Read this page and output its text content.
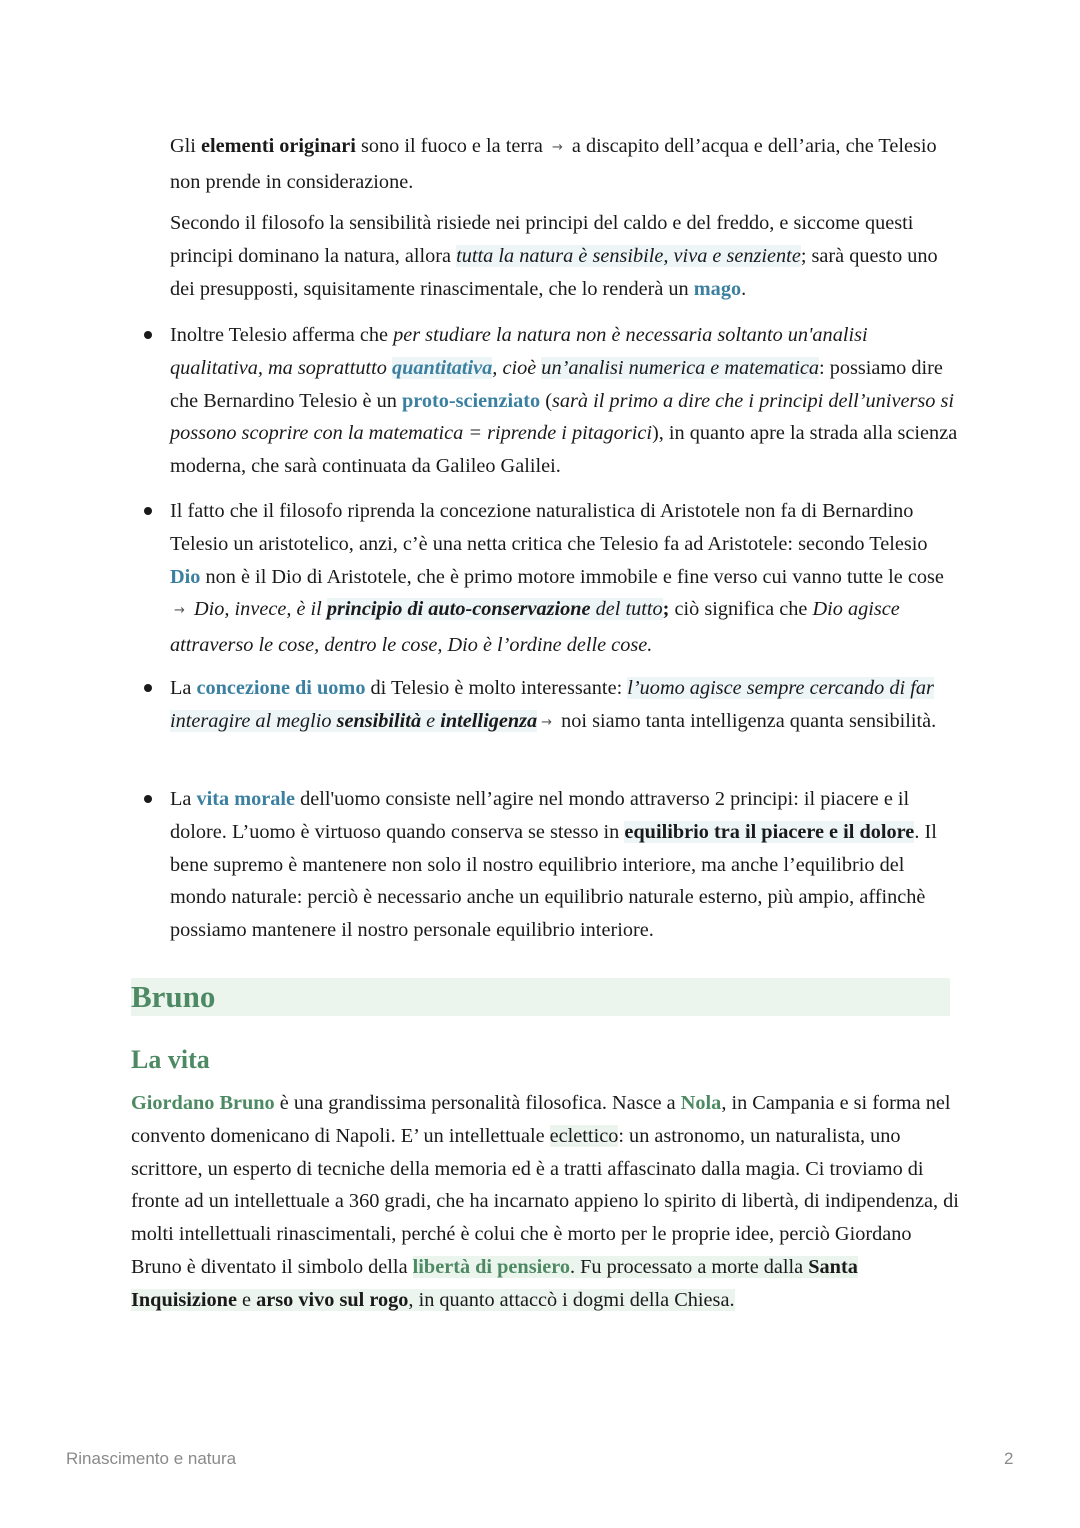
Gli elementi originari sono il fuoco e la terra → a discapito dell’acqua e dell’aria, che Telesio non prende in considerazione.

Secondo il filosofo la sensibilità risiede nei principi del caldo e del freddo, e siccome questi principi dominano la natura, allora tutta la natura è sensibile, viva e senziente; sarà questo uno dei presupposti, squisitamente rinascimentale, che lo renderà un mago.

Inoltre Telesio afferma che per studiare la natura non è necessaria soltanto un'analisi qualitativa, ma soprattutto quantitativa, cioè un’analisi numerica e matematica: possiamo dire che Bernardino Telesio è un proto-scienziato (sarà il primo a dire che i principi dell’universo si possono scoprire con la matematica = riprende i pitagorici), in quanto apre la strada alla scienza moderna, che sarà continuata da Galileo Galilei.

Il fatto che il filosofo riprenda la concezione naturalistica di Aristotele non fa di Bernardino Telesio un aristotelico, anzi, c’è una netta critica che Telesio fa ad Aristotele: secondo Telesio Dio non è il Dio di Aristotele, che è primo motore immobile e fine verso cui vanno tutte le cose → Dio, invece, è il principio di auto-conservazione del tutto; ciò significa che Dio agisce attraverso le cose, dentro le cose, Dio è l’ordine delle cose.

La concezione di uomo di Telesio è molto interessante: l’uomo agisce sempre cercando di far interagire al meglio sensibilità e intelligenza → noi siamo tanta intelligenza quanta sensibilità.

La vita morale dell'uomo consiste nell’agire nel mondo attraverso 2 principi: il piacere e il dolore. L’uomo è virtuoso quando conserva se stesso in equilibrio tra il piacere e il dolore. Il bene supremo è mantenere non solo il nostro equilibrio interiore, ma anche l’equilibrio del mondo naturale: perciò è necessario anche un equilibrio naturale esterno, più ampio, affinchè possiamo mantenere il nostro personale equilibrio interiore.

Bruno
La vita

Giordano Bruno è una grandissima personalità filosofica. Nasce a Nola, in Campania e si forma nel convento domenicano di Napoli. E’ un intellettuale eclettico: un astronomo, un naturalista, uno scrittore, un esperto di tecniche della memoria ed è a tratti affascinato dalla magia. Ci troviamo di fronte ad un intellettuale a 360 gradi, che ha incarnato appieno lo spirito di libertà, di indipendenza, di molti intellettuali rinascimentali, perché è colui che è morto per le proprie idee, perciò Giordano Bruno è diventato il simbolo della libertà di pensiero. Fu processato a morte dalla Santa Inquisizione e arso vivo sul rogo, in quanto attaccò i dogmi della Chiesa.

Rinascimento e natura	2
